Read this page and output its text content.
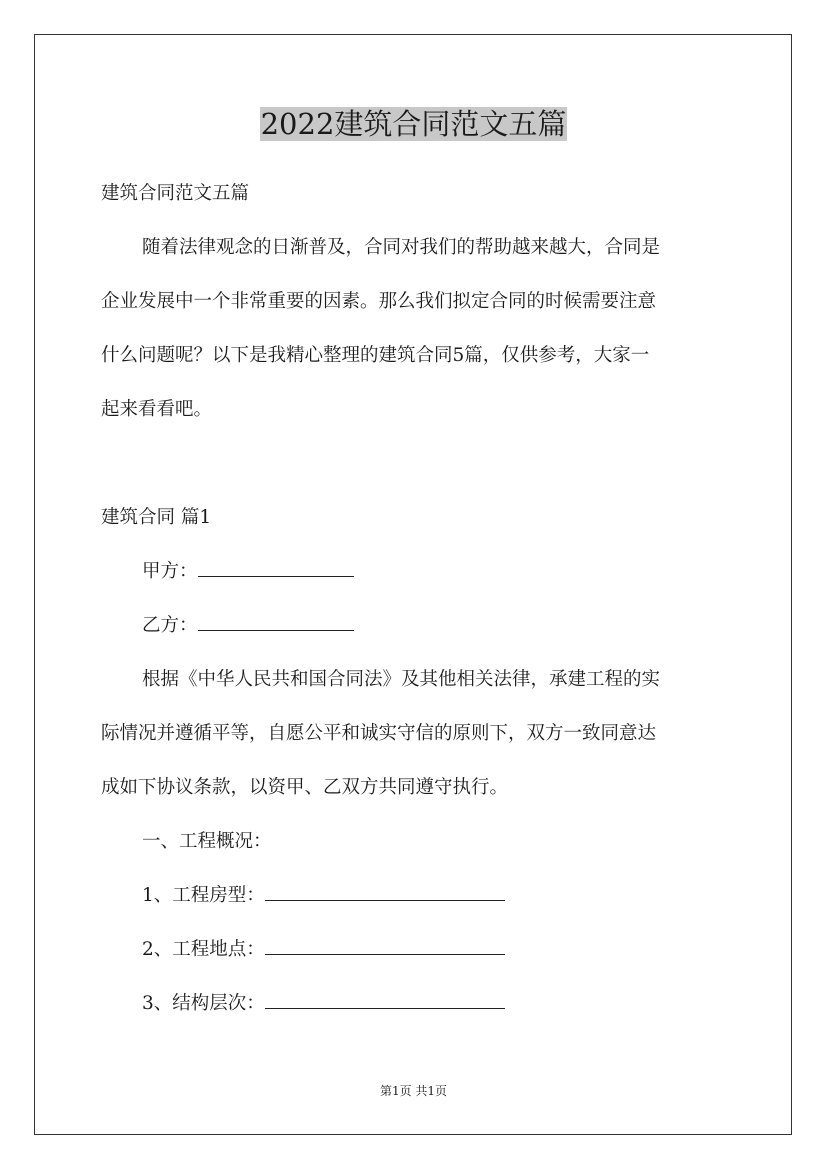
2022建筑合同范文五篇
建筑合同范文五篇
随着法律观念的日渐普及，合同对我们的帮助越来越大，合同是
企业发展中一个非常重要的因素。那么我们拟定合同的时候需要注意
什么问题呢？以下是我精心整理的建筑合同5篇，仅供参考，大家一
起来看看吧。
建筑合同 篇1
甲方：
乙方：
根据《中华人民共和国合同法》及其他相关法律，承建工程的实
际情况并遵循平等，自愿公平和诚实守信的原则下，双方一致同意达
成如下协议条款，以资甲、乙双方共同遵守执行。
一、工程概况：
1、工程房型：
2、工程地点：
3、结构层次：
第1页 共1页
